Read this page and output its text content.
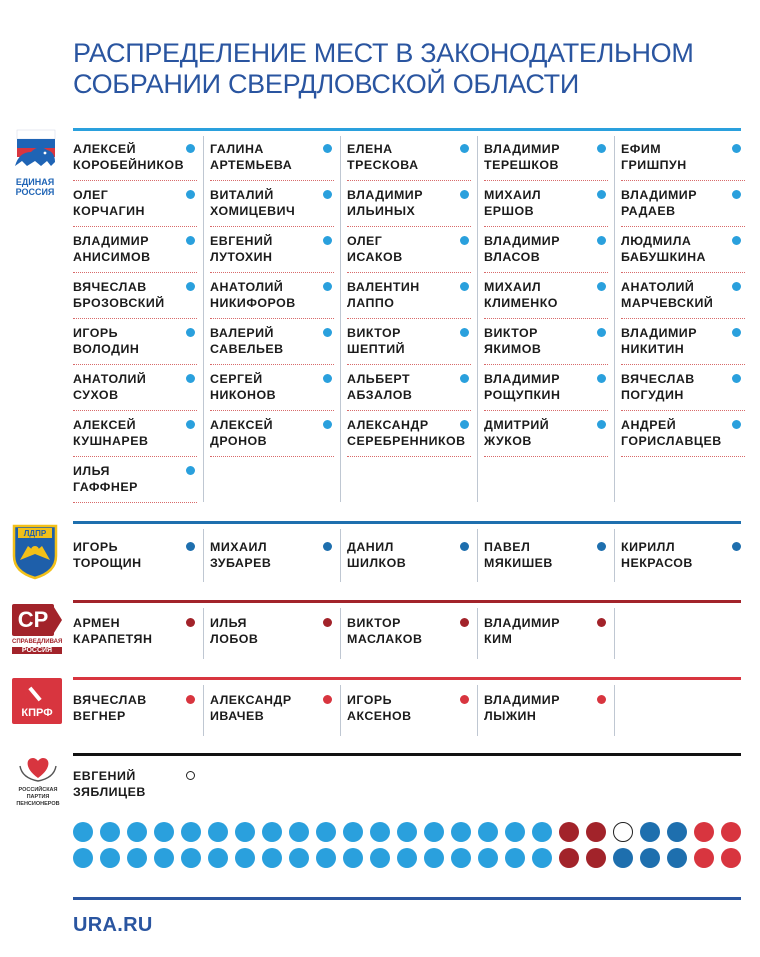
РАСПРЕДЕЛЕНИЕ МЕСТ В ЗАКОНОДАТЕЛЬНОМ СОБРАНИИ СВЕРДЛОВСКОЙ ОБЛАСТИ
ЕДИНАЯ
РОССИЯ
ЛДПР
СР
СПРАВЕДЛИВАЯ
РОССИЯ
КПРФ
РОССИЙСКАЯ
ПАРТИЯ
ПЕНСИОНЕРОВ
АЛЕКСЕЙ
КОРОБЕЙНИКОВ
ОЛЕГ
КОРЧАГИН
ВЛАДИМИР
АНИСИМОВ
ВЯЧЕСЛАВ
БРОЗОВСКИЙ
ИГОРЬ
ВОЛОДИН
АНАТОЛИЙ
СУХОВ
АЛЕКСЕЙ
КУШНАРЕВ
ИЛЬЯ
ГАФФНЕР
ГАЛИНА
АРТЕМЬЕВА
ВИТАЛИЙ
ХОМИЦЕВИЧ
ЕВГЕНИЙ
ЛУТОХИН
АНАТОЛИЙ
НИКИФОРОВ
ВАЛЕРИЙ
САВЕЛЬЕВ
СЕРГЕЙ
НИКОНОВ
АЛЕКСЕЙ
ДРОНОВ
ЕЛЕНА
ТРЕСКОВА
ВЛАДИМИР
ИЛЬИНЫХ
ОЛЕГ
ИСАКОВ
ВАЛЕНТИН
ЛАППО
ВИКТОР
ШЕПТИЙ
АЛЬБЕРТ
АБЗАЛОВ
АЛЕКСАНДР
СЕРЕБРЕННИКОВ
ВЛАДИМИР
ТЕРЕШКОВ
МИХАИЛ
ЕРШОВ
ВЛАДИМИР
ВЛАСОВ
МИХАИЛ
КЛИМЕНКО
ВИКТОР
ЯКИМОВ
ВЛАДИМИР
РОЩУПКИН
ДМИТРИЙ
ЖУКОВ
ЕФИМ
ГРИШПУН
ВЛАДИМИР
РАДАЕВ
ЛЮДМИЛА
БАБУШКИНА
АНАТОЛИЙ
МАРЧЕВСКИЙ
ВЛАДИМИР
НИКИТИН
ВЯЧЕСЛАВ
ПОГУДИН
АНДРЕЙ
ГОРИСЛАВЦЕВ
ИГОРЬ
ТОРОЩИН
МИХАИЛ
ЗУБАРЕВ
ДАНИЛ
ШИЛКОВ
ПАВЕЛ
МЯКИШЕВ
КИРИЛЛ
НЕКРАСОВ
АРМЕН
КАРАПЕТЯН
ИЛЬЯ
ЛОБОВ
ВИКТОР
МАСЛАКОВ
ВЛАДИМИР
КИМ
ВЯЧЕСЛАВ
ВЕГНЕР
АЛЕКСАНДР
ИВАЧЕВ
ИГОРЬ
АКСЕНОВ
ВЛАДИМИР
ЛЫЖИН
ЕВГЕНИЙ
ЗЯБЛИЦЕВ
URA.RU
